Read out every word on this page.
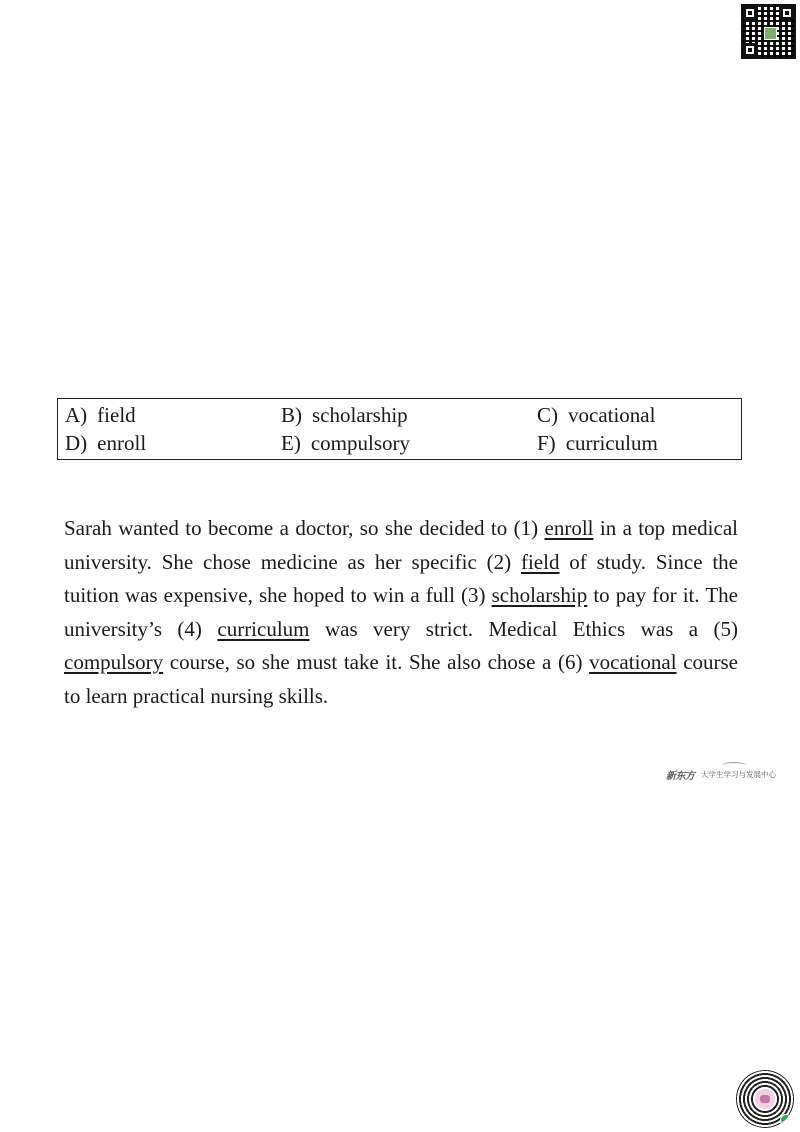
A) field	B) scholarship	C) vocational
D) enroll	E) compulsory	F) curriculum
Sarah wanted to become a doctor, so she decided to (1) enroll in a top medical university. She chose medicine as her specific (2) field of study. Since the tuition was expensive, she hoped to win a full (3) scholarship to pay for it. The university’s (4) curriculum was very strict. Medical Ethics was a (5) compulsory course, so she must take it. She also chose a (6) vocational course to learn practical nursing skills.
新东方 大学生学习与发展中心
